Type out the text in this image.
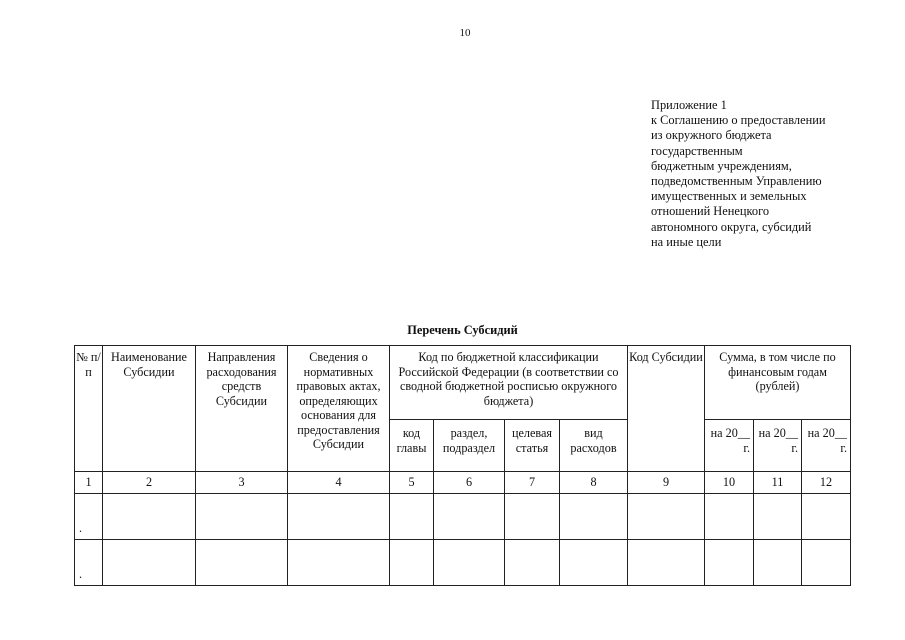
10
Приложение 1
к Соглашению о предоставлении
из окружного бюджета
государственным
бюджетным учреждениям,
подведомственным Управлению
имущественных и земельных
отношений Ненецкого
автономного округа, субсидий
на иные цели
Перечень Субсидий
№ п/п	Наименование Субсидии	Направления расходования средств Субсидии	Сведения о нормативных правовых актах, определяющих основания для предоставления Субсидии	Код по бюджетной классификации Российской Федерации (в соответствии со сводной бюджетной росписью окружного бюджета)				Код Субсидии	Сумма, в том числе по финансовым годам (рублей)		
				код главы	раздел, подраздел	целевая статья	вид расходов		на 20__ г.	на 20__ г.	на 20__ г.
1	2	3	4	5	6	7	8	9	10	11	12
.											
.											
